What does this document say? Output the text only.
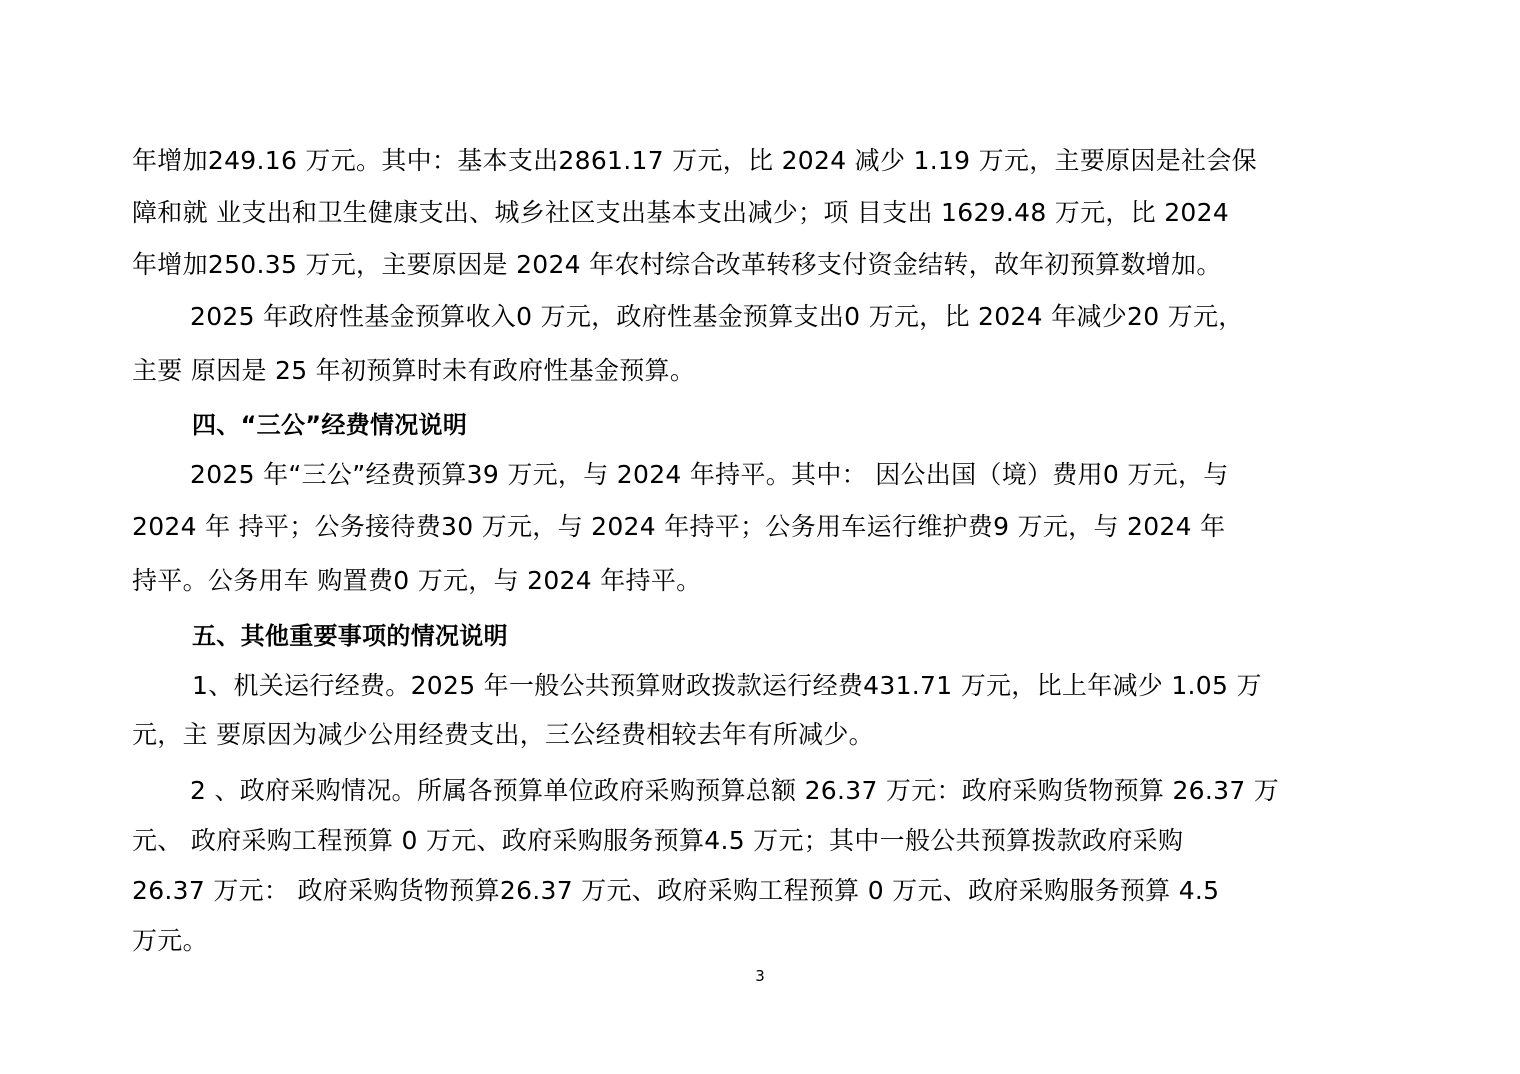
年增加249.16 万元。其中：基本支出2861.17 万元，比 2024 减少 1.19 万元，主要原因是社会保
障和就 业支出和卫生健康支出、城乡社区支出基本支出减少；项 目支出 1629.48 万元，比 2024
年增加250.35 万元，主要原因是 2024 年农村综合改革转移支付资金结转，故年初预算数增加。
2025 年政府性基金预算收入0 万元，政府性基金预算支出0 万元，比 2024 年减少20 万元，
主要 原因是 25 年初预算时未有政府性基金预算。
四、“三公”经费情况说明
2025 年“三公”经费预算39 万元，与 2024 年持平。其中： 因公出国（境）费用0 万元，与
2024 年 持平；公务接待费30 万元，与 2024 年持平；公务用车运行维护费9 万元，与 2024 年
持平。公务用车 购置费0 万元，与 2024 年持平。
五、其他重要事项的情况说明
1、机关运行经费。2025 年一般公共预算财政拨款运行经费431.71 万元，比上年减少 1.05 万
元，主 要原因为减少公用经费支出，三公经费相较去年有所减少。
2 、政府采购情况。所属各预算单位政府采购预算总额 26.37 万元：政府采购货物预算 26.37 万
元、 政府采购工程预算 0 万元、政府采购服务预算4.5 万元；其中一般公共预算拨款政府采购
26.37 万元： 政府采购货物预算26.37 万元、政府采购工程预算 0 万元、政府采购服务预算 4.5
万元。
3
